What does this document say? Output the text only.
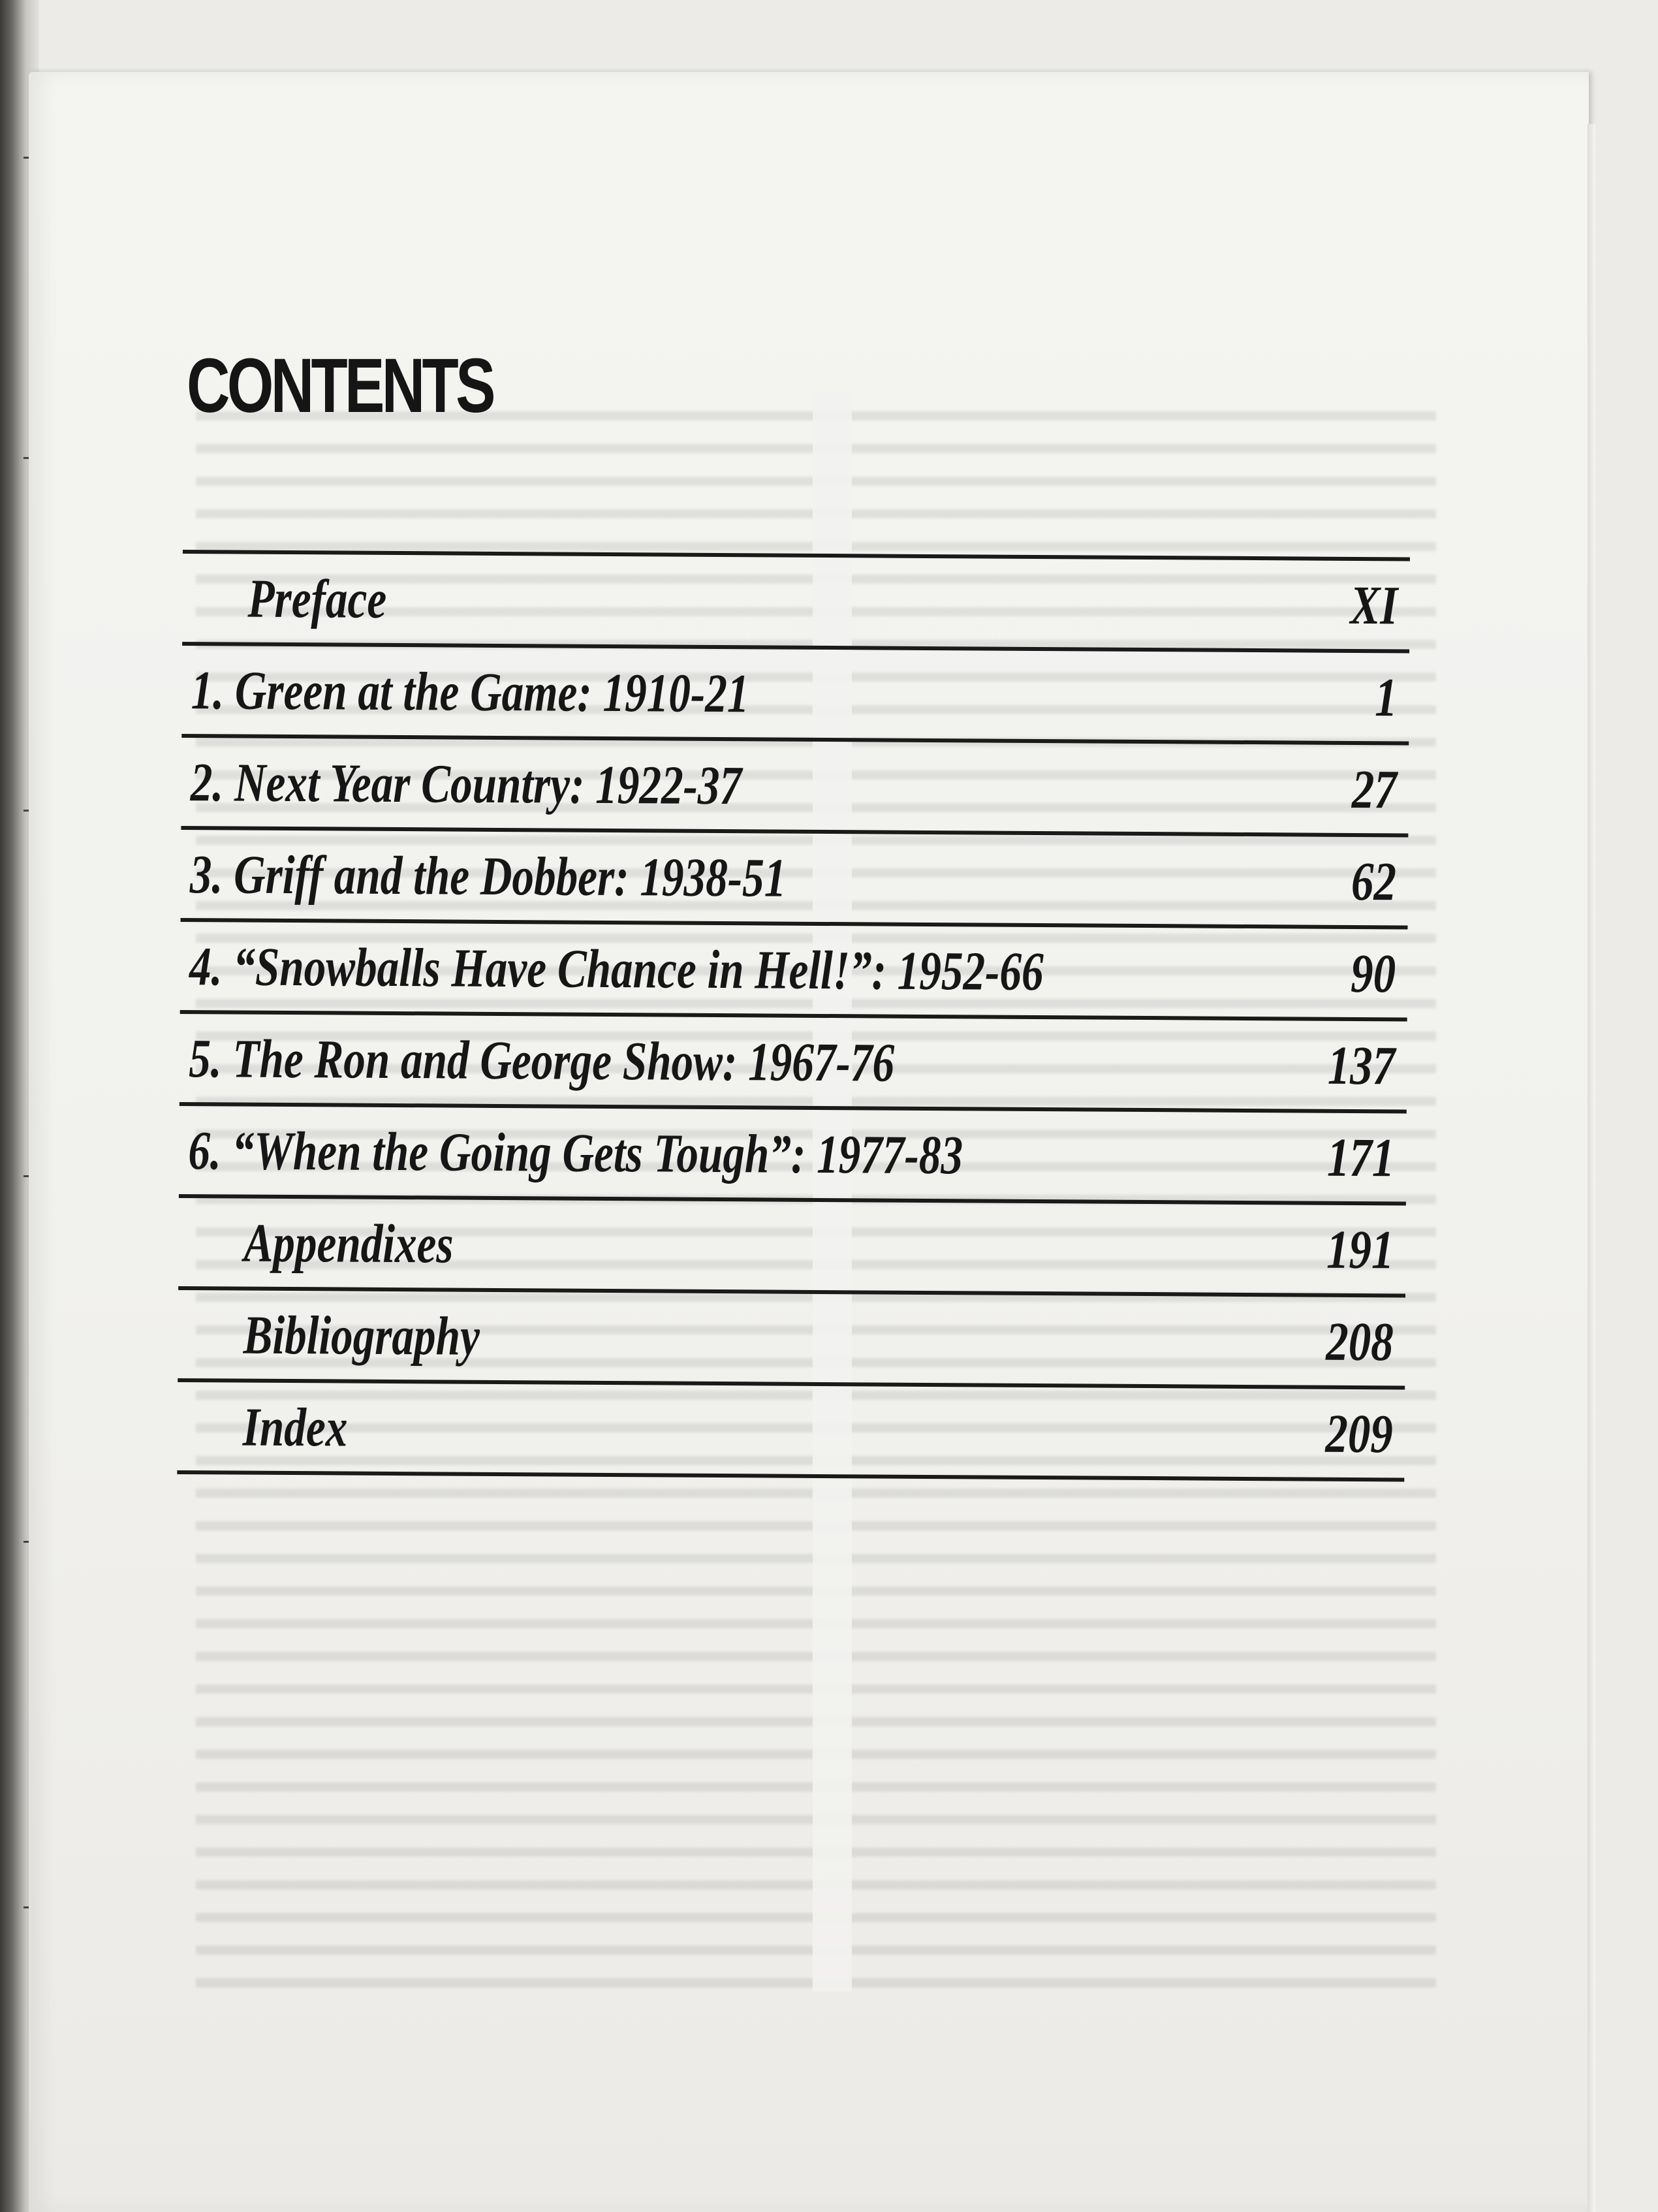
CONTENTS
Preface	XI
1. Green at the Game: 1910-21	1
2. Next Year Country: 1922-37	27
3. Griff and the Dobber: 1938-51	62
4. “Snowballs Have Chance in Hell!”: 1952-66	90
5. The Ron and George Show: 1967-76	137
6. “When the Going Gets Tough”: 1977-83	171
Appendixes	191
Bibliography	208
Index	209
